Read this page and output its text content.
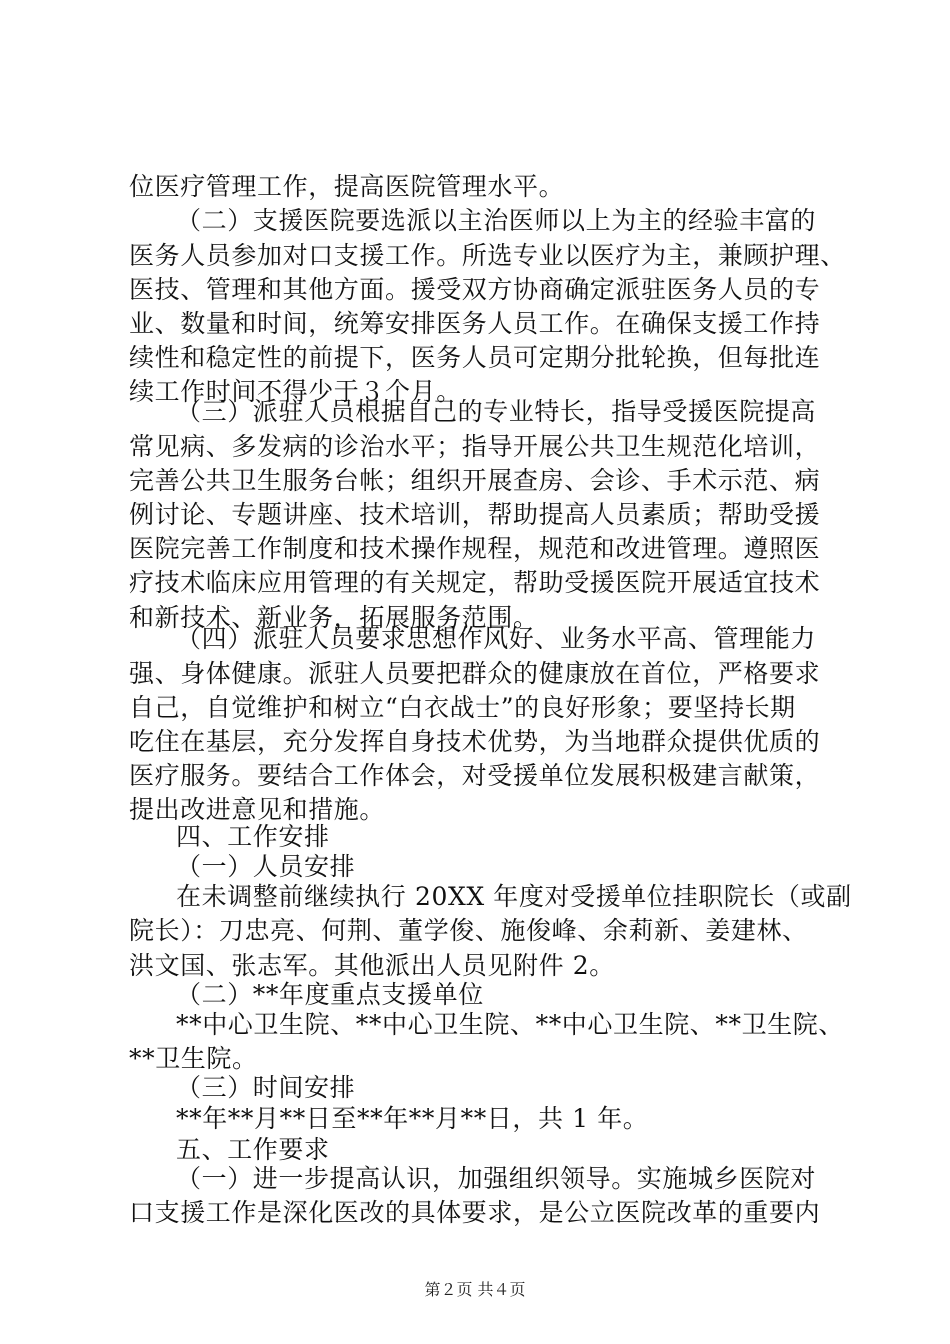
位医疗管理工作，提高医院管理水平。
（二）支援医院要选派以主治医师以上为主的经验丰富的
医务人员参加对口支援工作。所选专业以医疗为主，兼顾护理、
医技、管理和其他方面。援受双方协商确定派驻医务人员的专
业、数量和时间，统筹安排医务人员工作。在确保支援工作持
续性和稳定性的前提下，医务人员可定期分批轮换，但每批连
续工作时间不得少于３个月。
（三）派驻人员根据自己的专业特长，指导受援医院提高
常见病、多发病的诊治水平；指导开展公共卫生规范化培训，
完善公共卫生服务台帐；组织开展查房、会诊、手术示范、病
例讨论、专题讲座、技术培训，帮助提高人员素质；帮助受援
医院完善工作制度和技术操作规程，规范和改进管理。遵照医
疗技术临床应用管理的有关规定，帮助受援医院开展适宜技术
和新技术、新业务，拓展服务范围。
（四）派驻人员要求思想作风好、业务水平高、管理能力
强、身体健康。派驻人员要把群众的健康放在首位，严格要求
自己，自觉维护和树立“白衣战士”的良好形象；要坚持长期
吃住在基层，充分发挥自身技术优势，为当地群众提供优质的
医疗服务。要结合工作体会，对受援单位发展积极建言献策，
提出改进意见和措施。
四、工作安排
（一）人员安排
在未调整前继续执行 20XX 年度对受援单位挂职院长（或副
院长）：刀忠亮、何荆、董学俊、施俊峰、余莉新、姜建林、
洪文国、张志军。其他派出人员见附件 2。
（二）**年度重点支援单位
**中心卫生院、**中心卫生院、**中心卫生院、**卫生院、
**卫生院。
（三）时间安排
**年**月**日至**年**月**日，共 1 年。
五、工作要求
（一）进一步提高认识，加强组织领导。实施城乡医院对
口支援工作是深化医改的具体要求，是公立医院改革的重要内
第２页 共４页
